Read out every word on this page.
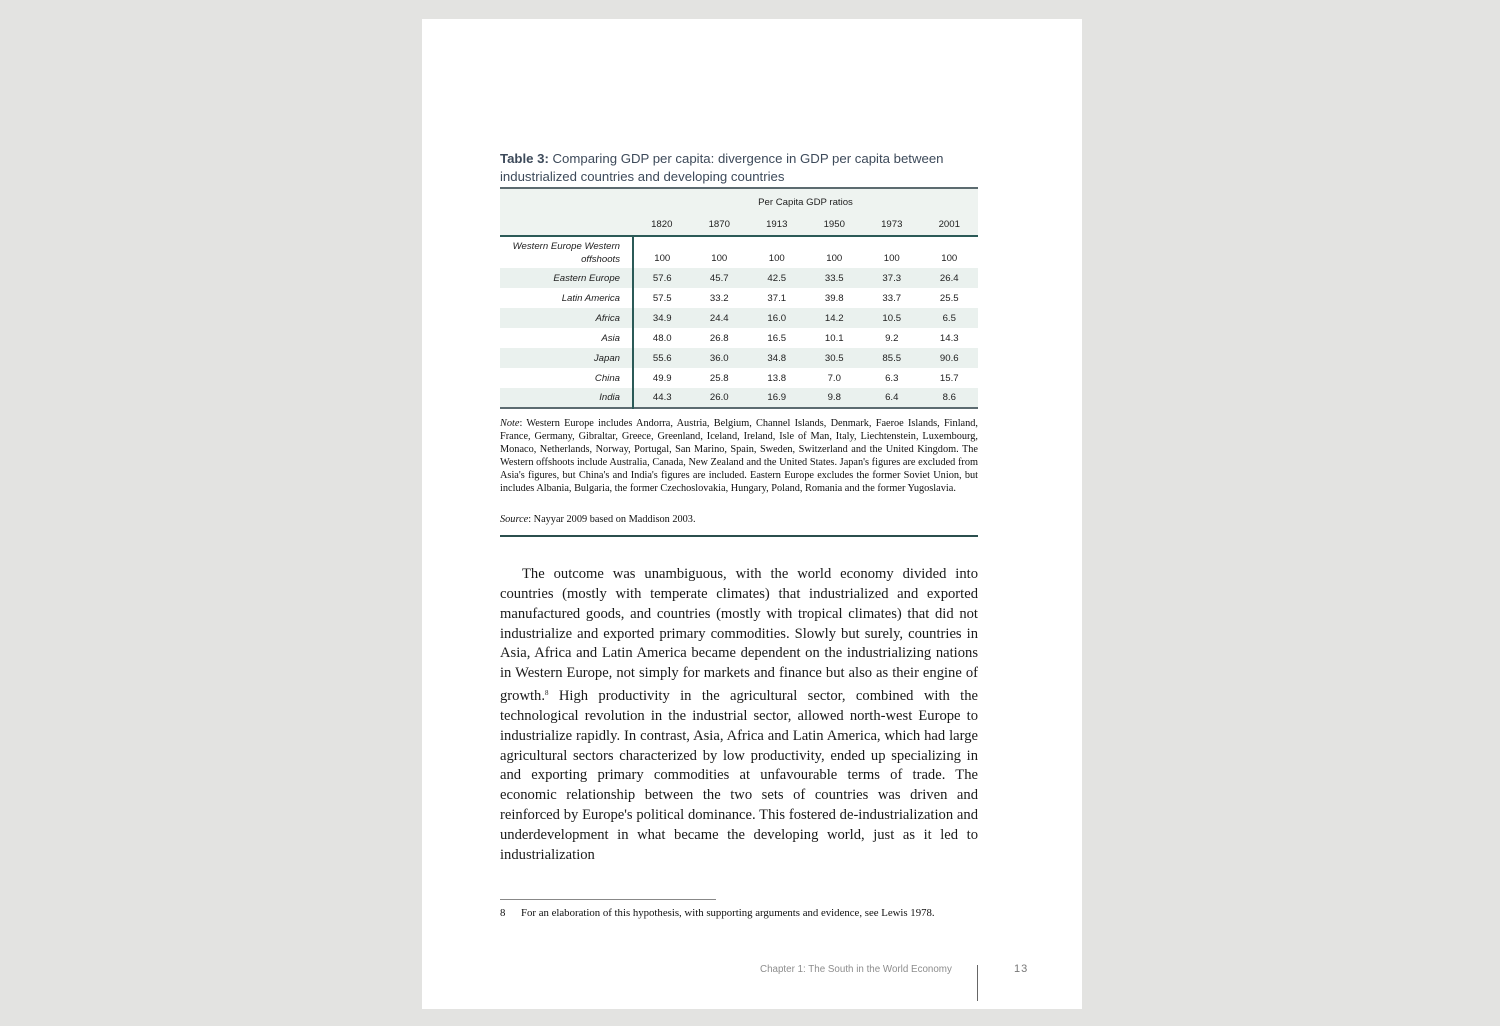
Table 3: Comparing GDP per capita: divergence in GDP per capita between industrialized countries and developing countries
	Per Capita GDP ratios					
	1820	1870	1913	1950	1973	2001
Western Europe Western offshoots	100	100	100	100	100	100
Eastern Europe	57.6	45.7	42.5	33.5	37.3	26.4
Latin America	57.5	33.2	37.1	39.8	33.7	25.5
Africa	34.9	24.4	16.0	14.2	10.5	6.5
Asia	48.0	26.8	16.5	10.1	9.2	14.3
Japan	55.6	36.0	34.8	30.5	85.5	90.6
China	49.9	25.8	13.8	7.0	6.3	15.7
India	44.3	26.0	16.9	9.8	6.4	8.6
Note: Western Europe includes Andorra, Austria, Belgium, Channel Islands, Denmark, Faeroe Islands, Finland, France, Germany, Gibraltar, Greece, Greenland, Iceland, Ireland, Isle of Man, Italy, Liechtenstein, Luxembourg, Monaco, Netherlands, Norway, Portugal, San Marino, Spain, Sweden, Switzerland and the United Kingdom. The Western offshoots include Australia, Canada, New Zealand and the United States. Japan's figures are excluded from Asia's figures, but China's and India's figures are included. Eastern Europe excludes the former Soviet Union, but includes Albania, Bulgaria, the former Czechoslovakia, Hungary, Poland, Romania and the former Yugoslavia.
Source: Nayyar 2009 based on Maddison 2003.

The outcome was unambiguous, with the world economy divided into countries (mostly with temperate climates) that industrialized and exported manufactured goods, and countries (mostly with tropical climates) that did not industrialize and exported primary commodities. Slowly but surely, countries in Asia, Africa and Latin America became dependent on the industrializing nations in Western Europe, not simply for markets and finance but also as their engine of growth.$^8$ High productivity in the agricultural sector, combined with the technological revolution in the industrial sector, allowed north-west Europe to industrialize rapidly. In contrast, Asia, Africa and Latin America, which had large agricultural sectors characterized by low productivity, ended up specializing in and exporting primary commodities at unfavourable terms of trade. The economic relationship between the two sets of countries was driven and reinforced by Europe's political dominance. This fostered de-industrialization and underdevelopment in what became the developing world, just as it led to industrialization

8	For an elaboration of this hypothesis, with supporting arguments and evidence, see Lewis 1978.
Chapter 1: The South in the World Economy	13
